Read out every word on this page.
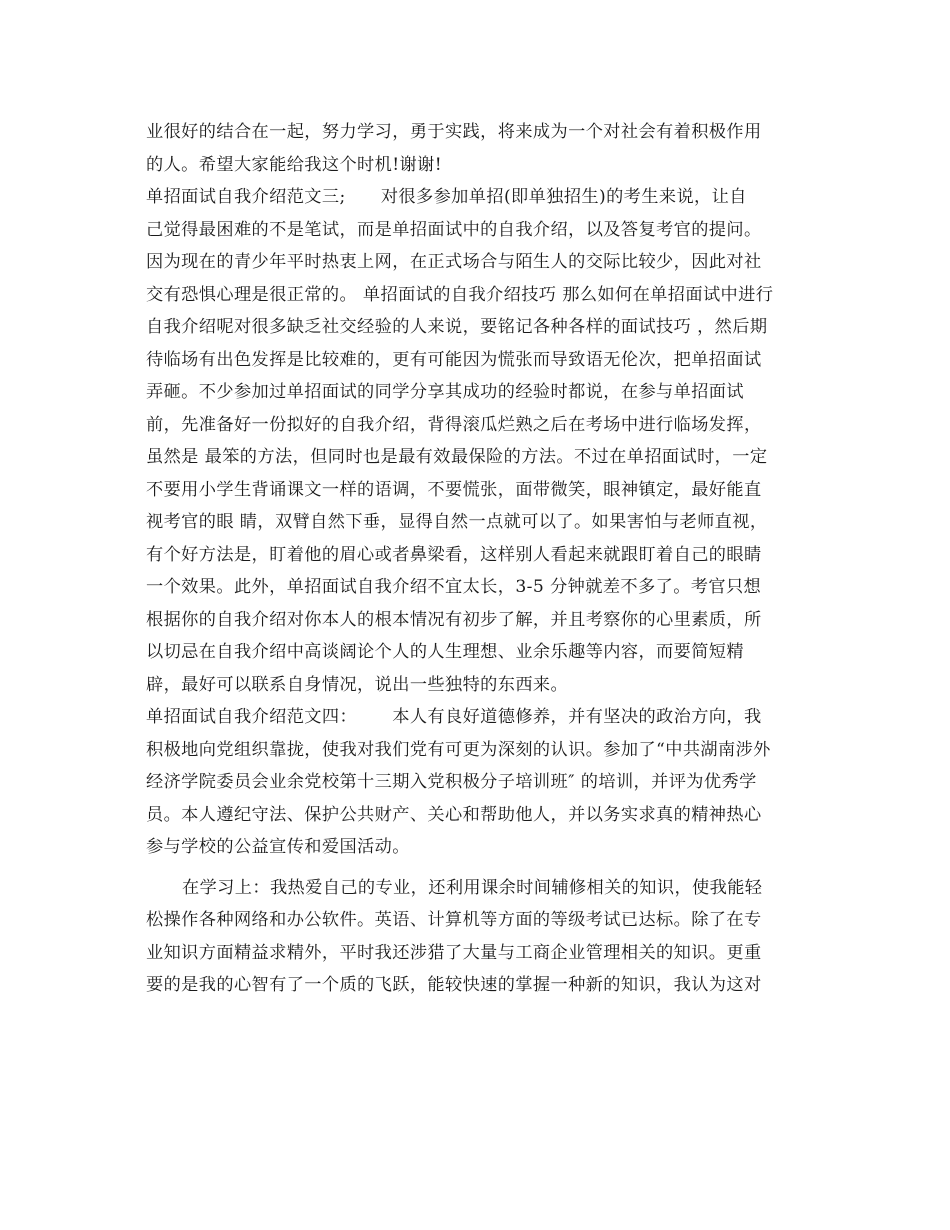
业很好的结合在一起，努力学习，勇于实践，将来成为一个对社会有着积极作用
的人。希望大家能给我这个时机!谢谢!
单招面试自我介绍范文三;      对很多参加单招(即单独招生)的考生来说，让自
己觉得最困难的不是笔试，而是单招面试中的自我介绍，以及答复考官的提问。
因为现在的青少年平时热衷上网，在正式场合与陌生人的交际比较少，因此对社
交有恐惧心理是很正常的。 单招面试的自我介绍技巧 那么如何在单招面试中进行
自我介绍呢对很多缺乏社交经验的人来说，要铭记各种各样的面试技巧 ，然后期
待临场有出色发挥是比较难的，更有可能因为慌张而导致语无伦次，把单招面试
弄砸。不少参加过单招面试的同学分享其成功的经验时都说，在参与单招面试
前，先准备好一份拟好的自我介绍，背得滚瓜烂熟之后在考场中进行临场发挥，
虽然是 最笨的方法，但同时也是最有效最保险的方法。不过在单招面试时，一定
不要用小学生背诵课文一样的语调，不要慌张，面带微笑，眼神镇定，最好能直
视考官的眼 睛，双臂自然下垂，显得自然一点就可以了。如果害怕与老师直视，
有个好方法是，盯着他的眉心或者鼻梁看，这样别人看起来就跟盯着自己的眼睛
一个效果。此外，单招面试自我介绍不宜太长，3-5 分钟就差不多了。考官只想
根据你的自我介绍对你本人的根本情况有初步了解，并且考察你的心里素质，所
以切忌在自我介绍中高谈阔论个人的人生理想、业余乐趣等内容，而要简短精
辟，最好可以联系自身情况，说出一些独特的东西来。
单招面试自我介绍范文四：      本人有良好道德修养，并有坚决的政治方向，我
积极地向党组织靠拢，使我对我们党有可更为深刻的认识。参加了“中共湖南涉外
经济学院委员会业余党校第十三期入党积极分子培训班″ 的培训，并评为优秀学
员。本人遵纪守法、保护公共财产、关心和帮助他人，并以务实求真的精神热心
参与学校的公益宣传和爱国活动。
在学习上：我热爱自己的专业，还利用课余时间辅修相关的知识，使我能轻
松操作各种网络和办公软件。英语、计算机等方面的等级考试已达标。除了在专
业知识方面精益求精外，平时我还涉猎了大量与工商企业管理相关的知识。更重
要的是我的心智有了一个质的飞跃，能较快速的掌握一种新的知识，我认为这对
